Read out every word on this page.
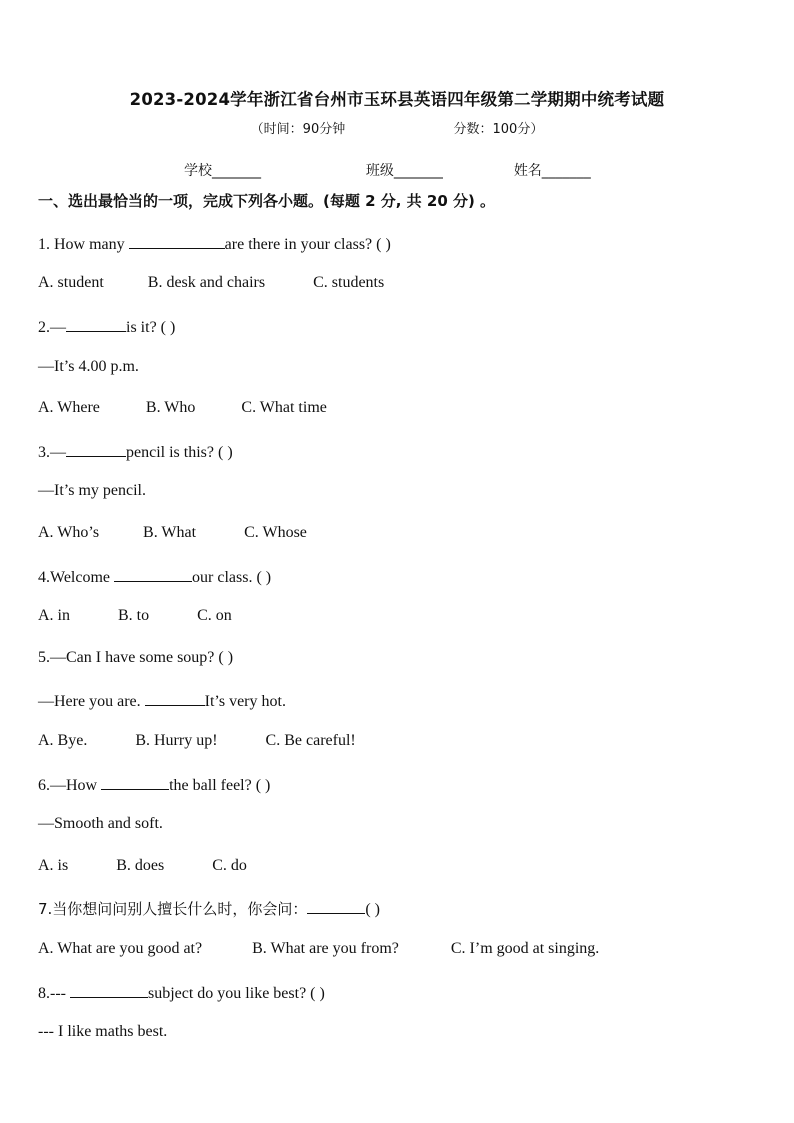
2023-2024学年浙江省台州市玉环县英语四年级第二学期期中统考试题
（时间：90分钟	分数：100分）
学校_______	班级_______	姓名_______
一、选出最恰当的一项，完成下列各小题。(每题 2 分, 共 20 分) 。
1. How many	are there in your class? ( )
A. student	B. desk and chairs	C. students
2.—	is it? ( )
—It’s 4.00 p.m.
A. Where	B. Who	C. What time
3.—	pencil is this? ( )
—It’s my pencil.
A. Who’s	B. What	C. Whose
4.Welcome	our class. ( )
A. in	B. to	C. on
5.—Can I have some soup? ( )
—Here you are.	It’s very hot.
A. Bye.	B. Hurry up!	C. Be careful!
6.—How	the ball feel? ( )
—Smooth and soft.
A. is	B. does	C. do
7.当你想问问别人擅长什么时，你会问：	( )
A. What are you good at?	B. What are you from?	C. I’m good at singing.
8.---	subject do you like best? ( )
--- I like maths best.
